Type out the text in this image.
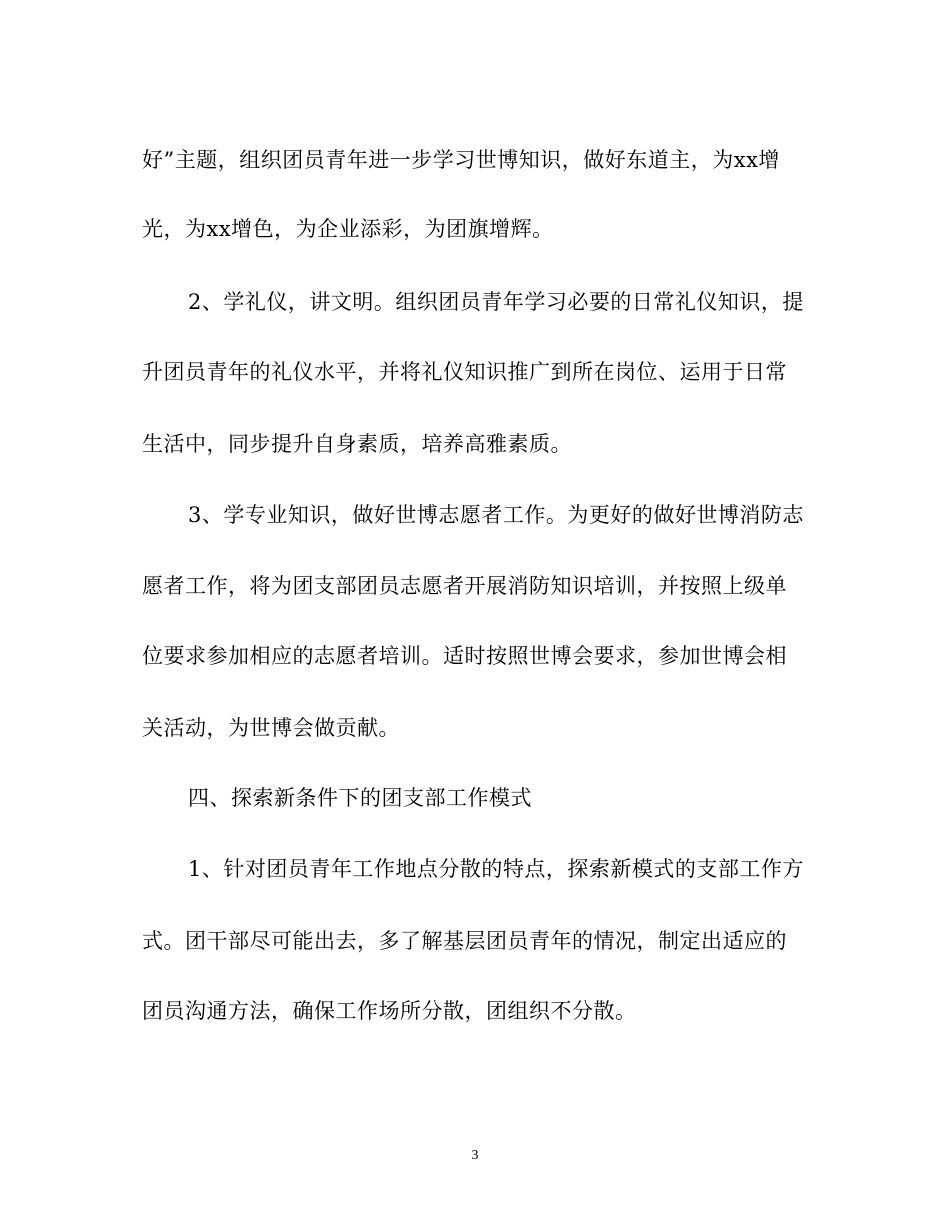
好”主题，组织团员青年进一步学习世博知识，做好东道主，为xx增
光，为xx增色，为企业添彩，为团旗增辉。
2、学礼仪，讲文明。组织团员青年学习必要的日常礼仪知识，提
升团员青年的礼仪水平，并将礼仪知识推广到所在岗位、运用于日常
生活中，同步提升自身素质，培养高雅素质。
3、学专业知识，做好世博志愿者工作。为更好的做好世博消防志
愿者工作，将为团支部团员志愿者开展消防知识培训，并按照上级单
位要求参加相应的志愿者培训。适时按照世博会要求，参加世博会相
关活动，为世博会做贡献。
四、探索新条件下的团支部工作模式
1、针对团员青年工作地点分散的特点，探索新模式的支部工作方
式。团干部尽可能出去，多了解基层团员青年的情况，制定出适应的
团员沟通方法，确保工作场所分散，团组织不分散。
3
